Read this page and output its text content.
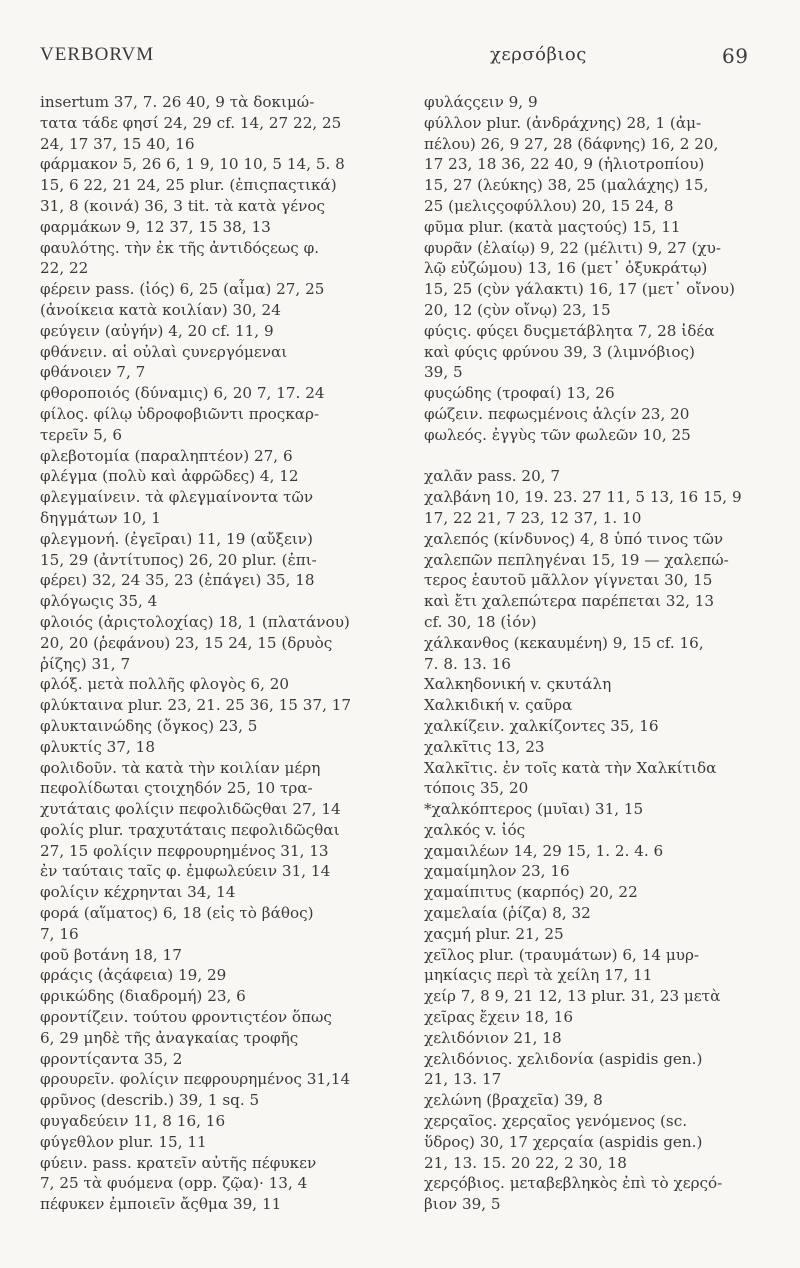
VERBORVM	χερσόβιος	69
insertum 37, 7. 26 40, 9 τὰ δοκιμώ-
τατα τάδε φησί 24, 29 cf. 14, 27 22, 25
24, 17 37, 15 40, 16
φάρμακον 5, 26 6, 1 9, 10 10, 5 14, 5. 8
15, 6 22, 21 24, 25 plur. (ἐπιςπαςτικά)
31, 8 (κοινά) 36, 3 tit. τὰ κατὰ γένος
φαρμάκων 9, 12 37, 15 38, 13
φαυλότης. τὴν ἐκ τῆς ἀντιδόςεως φ.
22, 22
φέρειν pass. (ἰός) 6, 25 (αἷμα) 27, 25
(ἀνοίκεια κατὰ κοιλίαν) 30, 24
φεύγειν (αὐγήν) 4, 20 cf. 11, 9
φθάνειν. αἱ οὐλαὶ ςυνεργόμεναι
φθάνοιεν 7, 7
φθοροποιός (δύναμις) 6, 20 7, 17. 24
φίλος. φίλῳ ὑδροφοβιῶντι προςκαρ-
τερεῖν 5, 6
φλεβοτομία (παραληπτέον) 27, 6
φλέγμα (πολὺ καὶ ἀφρῶδες) 4, 12
φλεγμαίνειν. τὰ φλεγμαίνοντα τῶν
δηγμάτων 10, 1
φλεγμονή. (ἐγεῖραι) 11, 19 (αὔξειν)
15, 29 (ἀντίτυπος) 26, 20 plur. (ἐπι-
φέρει) 32, 24 35, 23 (ἐπάγει) 35, 18
φλόγωςις 35, 4
φλοιός (ἀριςτολοχίας) 18, 1 (πλατάνου)
20, 20 (ῥεφάνου) 23, 15 24, 15 (δρυὸς
ῥίζης) 31, 7
φλόξ. μετὰ πολλῆς φλογὸς 6, 20
φλύκταινα plur. 23, 21. 25 36, 15 37, 17
φλυκταινώδης (ὄγκος) 23, 5
φλυκτίς 37, 18
φολιδοῦν. τὰ κατὰ τὴν κοιλίαν μέρη
πεφολίδωται ςτοιχηδόν 25, 10 τρα-
χυτάταις φολίςιν πεφολιδῶςθαι 27, 14
φολίς plur. τραχυτάταις πεφολιδῶςθαι
27, 15 φολίςιν πεφρουρημένος 31, 13
ἐν ταύταις ταῖς φ. ἐμφωλεύειν 31, 14
φολίςιν κέχρηνται 34, 14
φορά (αἵματος) 6, 18 (εἰς τὸ βάθος)
7, 16
φοῦ βοτάνη 18, 17
φράςις (ἀςάφεια) 19, 29
φρικώδης (διαδρομή) 23, 6
φροντίζειν. τούτου φροντιςτέον ὅπως
6, 29 μηδὲ τῆς ἀναγκαίας τροφῆς
φροντίςαντα 35, 2
φρουρεῖν. φολίςιν πεφρουρημένος 31,14
φρῦνος (describ.) 39, 1 sq. 5
φυγαδεύειν 11, 8 16, 16
φύγεθλον plur. 15, 11
φύειν. pass. κρατεῖν αὐτῆς πέφυκεν
7, 25 τὰ φυόμενα (opp. ζῷα)· 13, 4
πέφυκεν ἐμποιεῖν ἄςθμα 39, 11
φυλάςςειν 9, 9
φύλλον plur. (ἀνδράχνης) 28, 1 (ἀμ-
πέλου) 26, 9 27, 28 (δάφνης) 16, 2 20,
17 23, 18 36, 22 40, 9 (ἡλιοτροπίου)
15, 27 (λεύκης) 38, 25 (μαλάχης) 15,
25 (μελιςςοφύλλου) 20, 15 24, 8
φῦμα plur. (κατὰ μαςτούς) 15, 11
φυρᾶν (ἐλαίῳ) 9, 22 (μέλιτι) 9, 27 (χυ-
λῷ εὐζώμου) 13, 16 (μετ᾽ ὀξυκράτῳ)
15, 25 (ςὺν γάλακτι) 16, 17 (μετ᾽ οἴνου)
20, 12 (ςὺν οἴνῳ) 23, 15
φύςις. φύςει δυςμετάβλητα 7, 28 ἰδέα
καὶ φύςις φρύνου 39, 3 (λιμνόβιος)
39, 5
φυςώδης (τροφαί) 13, 26
φώζειν. πεφωςμένοις ἁλςίν 23, 20
φωλεός. ἐγγὺς τῶν φωλεῶν 10, 25
χαλᾶν pass. 20, 7
χαλβάνη 10, 19. 23. 27 11, 5 13, 16 15, 9
17, 22 21, 7 23, 12 37, 1. 10
χαλεπός (κίνδυνος) 4, 8 ὑπό τινος τῶν
χαλεπῶν πεπληγέναι 15, 19 — χαλεπώ-
τερος ἑαυτοῦ μᾶλλον γίγνεται 30, 15
καὶ ἔτι χαλεπώτερα παρέπεται 32, 13
cf. 30, 18 (ἰόν)
χάλκανθος (κεκαυμένη) 9, 15 cf. 16,
7. 8. 13. 16
Χαλκηδονική v. ςκυτάλη
Χαλκιδική v. ςαῦρα
χαλκίζειν. χαλκίζοντες 35, 16
χαλκῖτις 13, 23
Χαλκῖτις. ἐν τοῖς κατὰ τὴν Χαλκίτιδα
τόποις 35, 20
*χαλκόπτερος (μυῖαι) 31, 15
χαλκός v. ἰός
χαμαιλέων 14, 29 15, 1. 2. 4. 6
χαμαίμηλον 23, 16
χαμαίπιτυς (καρπός) 20, 22
χαμελαία (ῥίζα) 8, 32
χαςμή plur. 21, 25
χεῖλος plur. (τραυμάτων) 6, 14 μυρ-
μηκίαςις περὶ τὰ χείλη 17, 11
χείρ 7, 8 9, 21 12, 13 plur. 31, 23 μετὰ
χεῖρας ἔχειν 18, 16
χελιδόνιον 21, 18
χελιδόνιος. χελιδονία (aspidis gen.)
21, 13. 17
χελώνη (βραχεῖα) 39, 8
χερςαῖος. χερςαῖος γενόμενος (sc.
ὕδρος) 30, 17 χερςαία (aspidis gen.)
21, 13. 15. 20 22, 2 30, 18
χερςόβιος. μεταβεβληκὸς ἐπὶ τὸ χερςό-
βιον 39, 5
